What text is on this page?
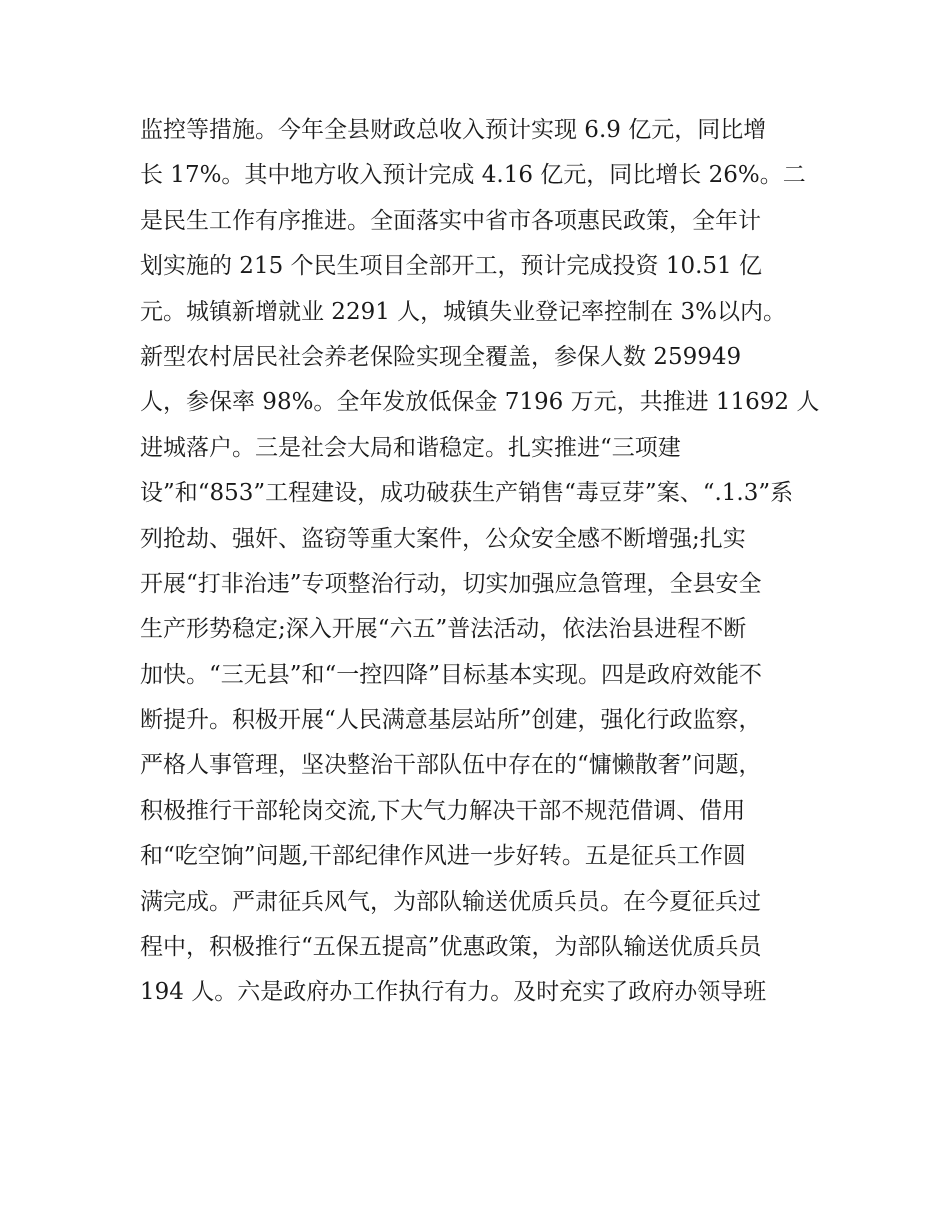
监控等措施。今年全县财政总收入预计实现 6.9 亿元，同比增
长 17%。其中地方收入预计完成 4.16 亿元，同比增长 26%。二
是民生工作有序推进。全面落实中省市各项惠民政策，全年计
划实施的 215 个民生项目全部开工，预计完成投资 10.51 亿
元。城镇新增就业 2291 人，城镇失业登记率控制在 3%以内。
新型农村居民社会养老保险实现全覆盖，参保人数 259949
人，参保率 98%。全年发放低保金 7196 万元，共推进 11692 人
进城落户。三是社会大局和谐稳定。扎实推进“三项建
设”和“853”工程建设，成功破获生产销售“毒豆芽”案、“.1.3”系
列抢劫、强奸、盗窃等重大案件，公众安全感不断增强;扎实
开展“打非治违”专项整治行动，切实加强应急管理，全县安全
生产形势稳定;深入开展“六五”普法活动，依法治县进程不断
加快。“三无县”和“一控四降”目标基本实现。四是政府效能不
断提升。积极开展“人民满意基层站所”创建，强化行政监察，
严格人事管理，坚决整治干部队伍中存在的“慵懒散奢”问题，
积极推行干部轮岗交流,下大气力解决干部不规范借调、借用
和“吃空饷”问题,干部纪律作风进一步好转。五是征兵工作圆
满完成。严肃征兵风气，为部队输送优质兵员。在今夏征兵过
程中，积极推行“五保五提高”优惠政策，为部队输送优质兵员
194 人。六是政府办工作执行有力。及时充实了政府办领导班
